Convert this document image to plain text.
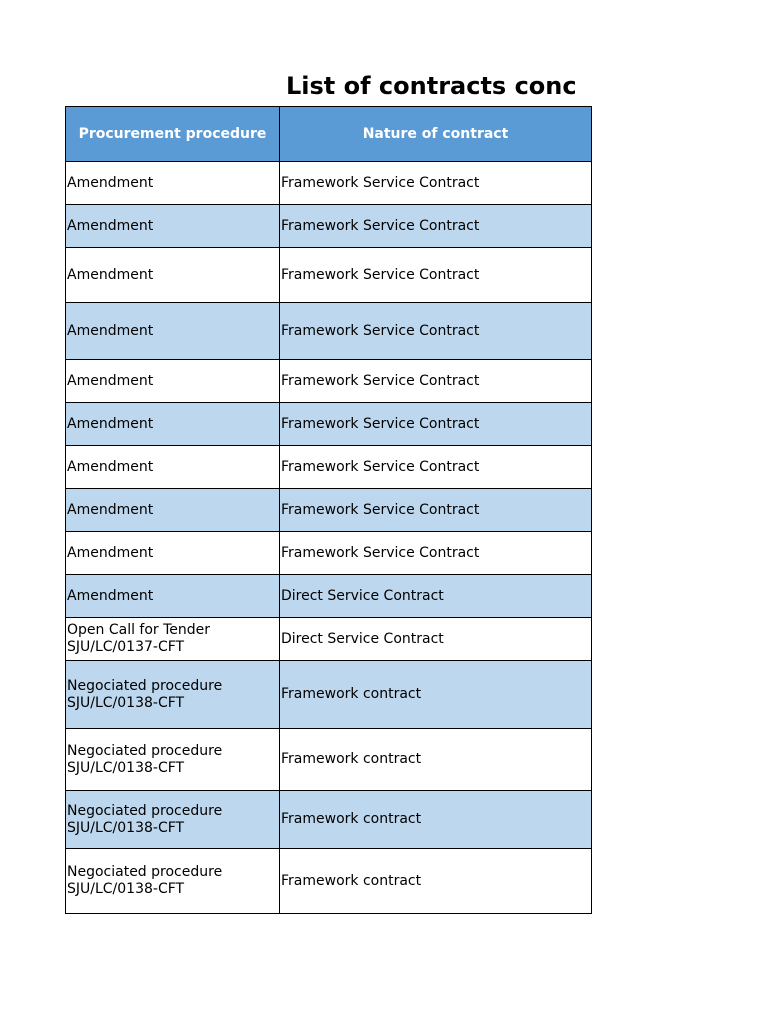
List of contracts conc
Procurement procedure	Nature of contract

Amendment	Framework Service Contract

Amendment	Framework Service Contract

Amendment	Framework Service Contract

Amendment	Framework Service Contract

Amendment	Framework Service Contract

Amendment	Framework Service Contract

Amendment	Framework Service Contract

Amendment	Framework Service Contract

Amendment	Framework Service Contract

Amendment	Direct Service Contract

Open Call for Tender
SJU/LC/0137-CFT	Direct Service Contract

Negociated procedure
SJU/LC/0138-CFT	Framework contract

Negociated procedure
SJU/LC/0138-CFT	Framework contract

Negociated procedure
SJU/LC/0138-CFT	Framework contract

Negociated procedure
SJU/LC/0138-CFT	Framework contract
